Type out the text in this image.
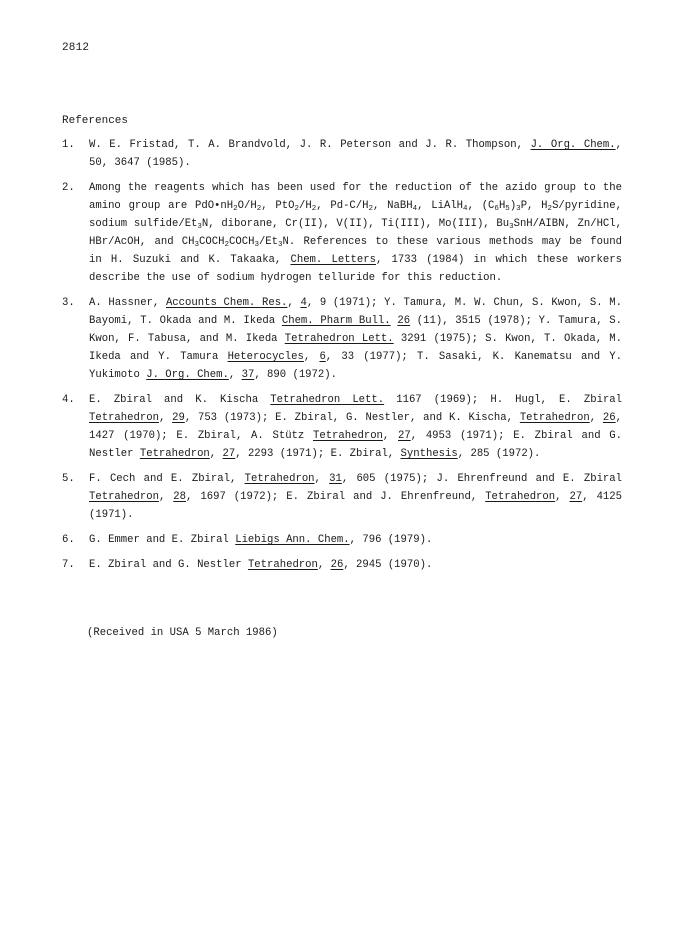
2812
References
1.	W. E. Fristad, T. A. Brandvold, J. R. Peterson and J. R. Thompson, J. Org. Chem., 50, 3647 (1985).
2.	Among the reagents which has been used for the reduction of the azido group to the amino group are $PdO•nH_2O/H_2$, $PtO_2/H_2$, $Pd-C/H_2$, NaBH$_4$, LiAlH$_4$, $(C_6H_5)_3P$, $H_2S$/pyridine, sodium sulfide/$Et_3N$, diborane, Cr(II), V(II), Ti(III), Mo(III), $Bu_3SnH$/AIBN, Zn/HCl, HBr/AcOH, and $CH_3COCH_2COCH_3/Et_3N$. References to these various methods may be found in H. Suzuki and K. Takaaka, Chem. Letters, 1733 (1984) in which these workers describe the use of sodium hydrogen telluride for this reduction.
3.	A. Hassner, Accounts Chem. Res., 4, 9 (1971); Y. Tamura, M. W. Chun, S. Kwon, S. M. Bayomi, T. Okada and M. Ikeda Chem. Pharm Bull. 26 (11), 3515 (1978); Y. Tamura, S. Kwon, F. Tabusa, and M. Ikeda Tetrahedron Lett. 3291 (1975); S. Kwon, T. Okada, M. Ikeda and Y. Tamura Heterocycles, 6, 33 (1977); T. Sasaki, K. Kanematsu and Y. Yukimoto J. Org. Chem., 37, 890 (1972).
4.	E. Zbiral and K. Kischa Tetrahedron Lett. 1167 (1969); H. Hugl, E. Zbiral Tetrahedron, 29, 753 (1973); E. Zbiral, G. Nestler, and K. Kischa, Tetrahedron, 26, 1427 (1970); E. Zbiral, A. Stütz Tetrahedron, 27, 4953 (1971); E. Zbiral and G. Nestler Tetrahedron, 27, 2293 (1971); E. Zbiral, Synthesis, 285 (1972).
5.	F. Cech and E. Zbiral, Tetrahedron, 31, 605 (1975); J. Ehrenfreund and E. Zbiral Tetrahedron, 28, 1697 (1972); E. Zbiral and J. Ehrenfreund, Tetrahedron, 27, 4125 (1971).
6.	G. Emmer and E. Zbiral Liebigs Ann. Chem., 796 (1979).
7.	E. Zbiral and G. Nestler Tetrahedron, 26, 2945 (1970).
(Received in USA 5 March 1986)
